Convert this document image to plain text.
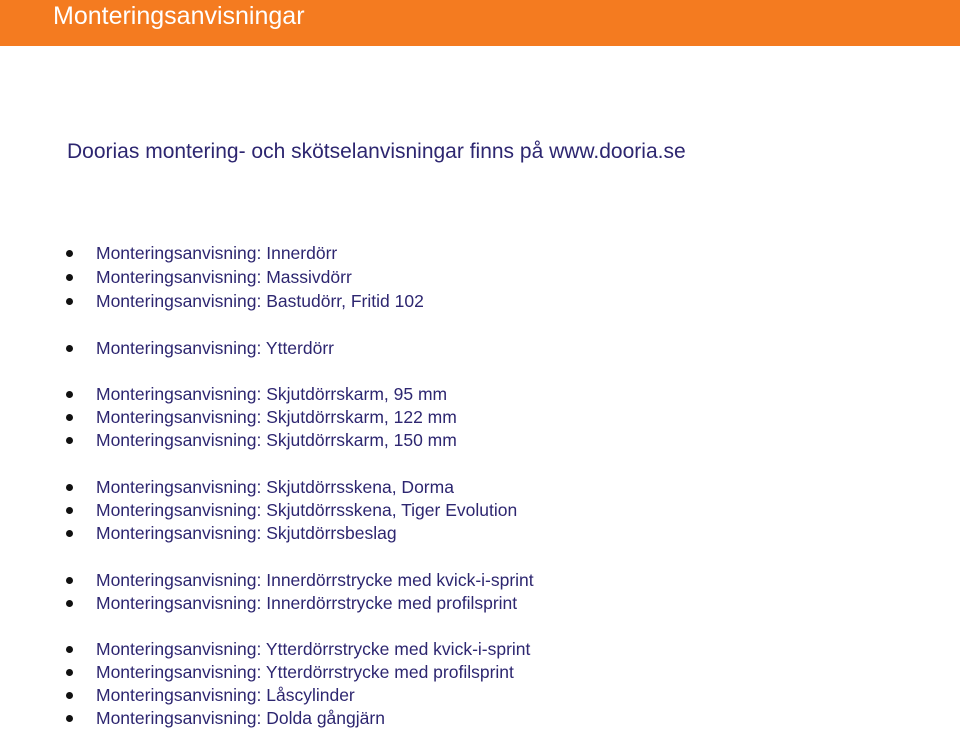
Monteringsanvisningar
Doorias montering- och skötselanvisningar finns på www.dooria.se
Monteringsanvisning: Innerdörr
Monteringsanvisning: Massivdörr
Monteringsanvisning: Bastudörr, Fritid 102
Monteringsanvisning: Ytterdörr
Monteringsanvisning: Skjutdörrskarm, 95 mm
Monteringsanvisning: Skjutdörrskarm, 122 mm
Monteringsanvisning: Skjutdörrskarm, 150 mm
Monteringsanvisning: Skjutdörrsskena, Dorma
Monteringsanvisning: Skjutdörrsskena, Tiger Evolution
Monteringsanvisning: Skjutdörrsbeslag
Monteringsanvisning: Innerdörrstrycke med kvick-i-sprint
Monteringsanvisning: Innerdörrstrycke med profilsprint
Monteringsanvisning: Ytterdörrstrycke med kvick-i-sprint
Monteringsanvisning: Ytterdörrstrycke med profilsprint
Monteringsanvisning: Låscylinder
Monteringsanvisning: Dolda gångjärn
